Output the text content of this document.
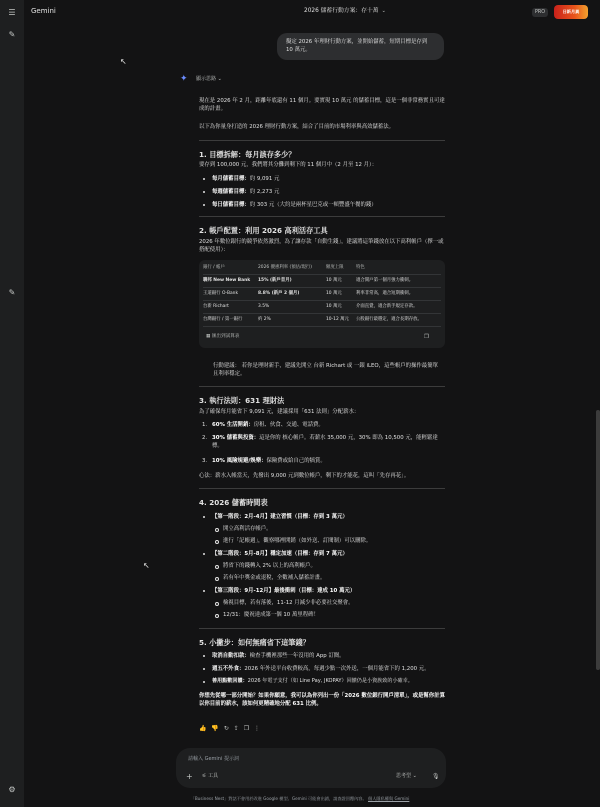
☰
✎
✎
⚙
Gemini	2026 儲蓄行動方案：存十萬 ⌄	PRO	日新月異
擬定 2026 年理財行動方案，並開始儲蓄，短期目標是存到 10 萬元。
↖
↖
✦ 顯示思路 ⌄
現在是 2026 年 2 月，距離年底還有 11 個月。要實現 10 萬元 的儲蓄目標，這是一個非常務實且可達成的計畫。
以下為你量身打造的 2026 理財行動方案，結合了目前的市場利率與高效儲蓄法。
1. 目標拆解：每月該存多少？
要存到 100,000 元，我們將其分攤到剩下的 11 個月中（2 月至 12 月）：
每月儲蓄目標：約 9,091 元
每週儲蓄目標：約 2,273 元
每日儲蓄目標：約 303 元（大約是兩杯星巴克或一頓豐盛午餐的錢）
2. 帳戶配置：利用 2026 高利活存工具
2026 年數位銀行的競爭依然激烈，為了讓存款「自動生錢」，建議將這筆錢放在以下高利帳戶（擇一或搭配使用）：
銀行 / 帳戶	2026 優惠利率 (預估/現行)	額度上限	特色
聯邦 New New Bank 15% (新戶首月)	10 萬元	適合開戶第一個月強力衝刺。
王道銀行 O-Bank	8.8% (新戶 2 個月)	10 萬元	利率非常高，適合短期衝刺。
台新 Richart	3.5%	10 萬元	介面直覺，適合新手規定存款。
台灣銀行 / 第一銀行	約 2%	10-12 萬元 公股銀行最穩定，適合長期存放。
▦ 匯出到試算表	❐
行動建議： 若你是理財新手，建議先開立 台新 Richart 或 一銀 iLEO，這些帳戶的操作最簡單且利率穩定。
3. 執行法則：631 理財法
為了確保每月能省下 9,091 元，建議採用「631 法則」分配薪水：
1. 60% 生活開銷：房租、伙食、交通、電話費。
2. 30% 儲蓄與投資：這是你的 核心帳戶。若薪水 35,000 元，30% 即為 10,500 元，能輕鬆達標。
3. 10% 風險規避/娛樂：保險費或給自己的犒賞。
心法：薪水入帳當天，先撥出 9,000 元到數位帳戶，剩下的才能花，這叫「先存再花」。
4. 2026 儲蓄時間表
【第一階段：2月-4月】建立習慣（目標：存到 3 萬元）
開立高利活存帳戶。
進行「記帳週」，觀察哪裡開銷（如外送、訂閱制）可以刪除。
【第二階段：5月-8月】穩定加速（目標：存到 7 萬元）
將省下的錢轉入 2% 以上的高利帳戶。
若有年中獎金或退稅，全數補入儲蓄計畫。
【第三階段：9月-12月】最後衝刺（目標：達成 10 萬元）
檢視目標，若有落後，11-12 月減少非必要社交聚會。
12/31：慶祝達成第一個 10 萬里程碑！
5. 小撇步：如何無痛省下這筆錢？
取消自動扣款：檢查手機裡那些一年沒用的 App 訂閱。
週五不外食：2026 年外送平台收費較高，每週少點一次外送，一個月能省下約 1,200 元。
善用點數回饋：2026 年電子支付（如 Line Pay, JKOPAY）回饋仍是小資族致的小確幸。
你想先從哪一部分開始？如果你願意，我可以為你列出一份「2026 數位銀行開戶清單」，或是幫你計算以你目前的薪水，該如何更精確地分配 631 比例。
👍 👎 ↻ ⇪ ❐ ⋮
請輸入 Gemini 提示詞
+ ⚟ 工具	思考型 ⌄	🎙
「Business Nest」對話不會用於改進 Google 模型。Gemini 可能會出錯，請查證回覆內容。 個人隱私權與 Gemini
